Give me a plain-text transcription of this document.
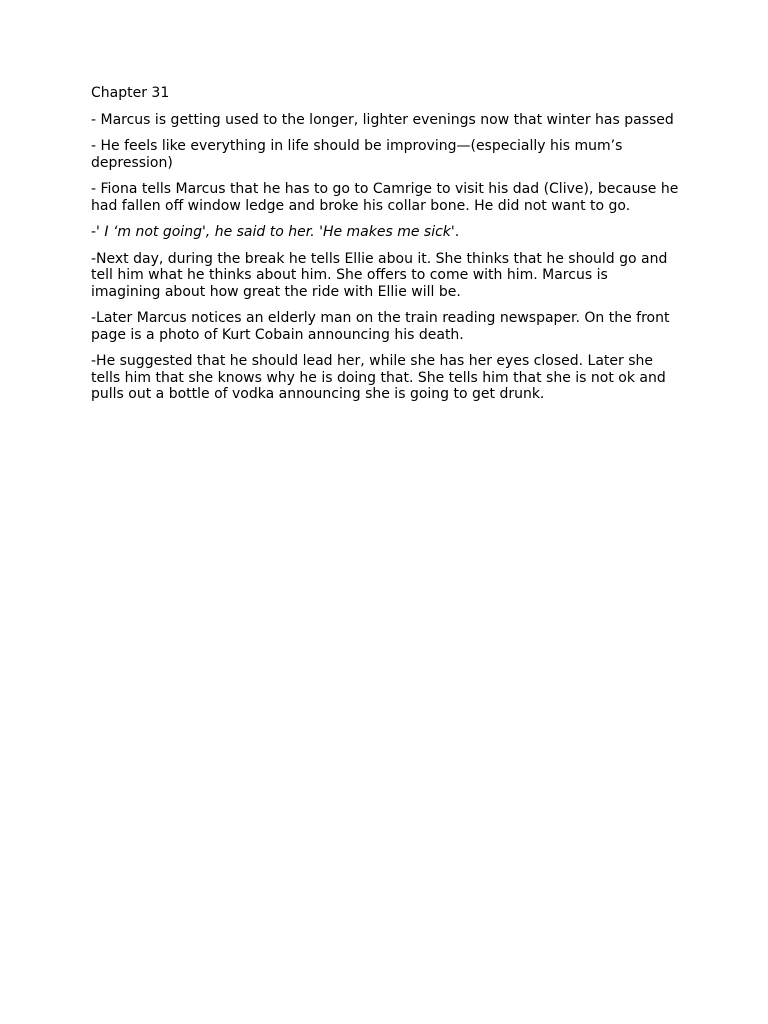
Chapter 31

- Marcus is getting used to the longer, lighter evenings now that winter has passed

- He feels like everything in life should be improving—(especially his mum’s depression)

- Fiona tells Marcus that he has to go to Camrige to visit his dad (Clive), because he had fallen off window ledge and broke his collar bone. He did not want to go.

-' I ‘m not going', he said to her. 'He makes me sick'.

-Next day, during the break he tells Ellie abou it. She thinks that he should go and tell him what he thinks about him. She offers to come with him. Marcus is imagining about how great the ride with Ellie will be.

-Later Marcus notices an elderly man on the train reading newspaper. On the front page is a photo of Kurt Cobain announcing his death.

-He suggested that he should lead her, while she has her eyes closed. Later she tells him that she knows why he is doing that. She tells him that she is not ok and pulls out a bottle of vodka announcing she is going to get drunk.
